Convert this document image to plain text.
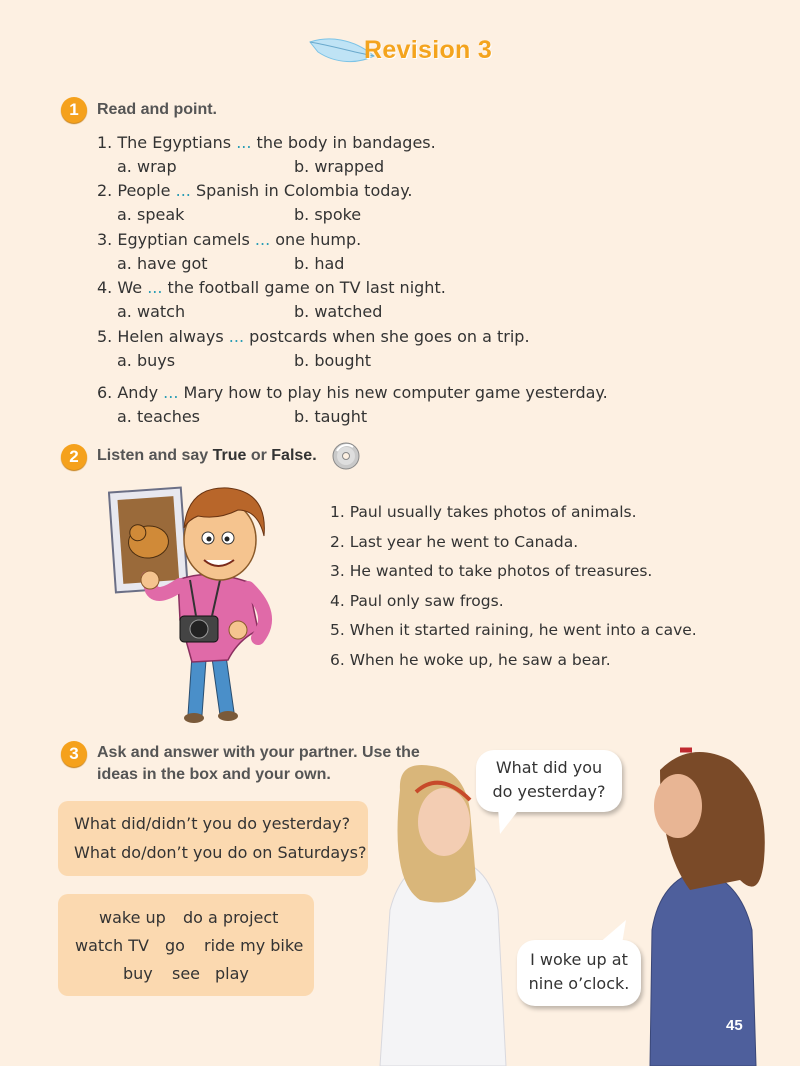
Revision 3
1	Read and point.
1. The Egyptians ... the body in bandages.
a. wrap	b. wrapped
2. People ... Spanish in Colombia today.
a. speak	b. spoke
3. Egyptian camels ... one hump.
a. have got	b. had
4. We ... the football game on TV last night.
a. watch	b. watched
5. Helen always ... postcards when she goes on a trip.
a. buys	b. bought
6. Andy ... Mary how to play his new computer game yesterday.
a. teaches	b. taught
2	Listen and say True or False.
1. Paul usually takes photos of animals.
2. Last year he went to Canada.
3. He wanted to take photos of treasures.
4. Paul only saw frogs.
5. When it started raining, he went into a cave.
6. When he woke up, he saw a bear.
3	Ask and answer with your partner. Use the
ideas in the box and your own.
What did/didn’t you do yesterday?
What do/don’t you do on Saturdays?
wake up do a project
watch TV go ride my bike
buy see play
What did you
do yesterday?
I woke up at
nine o’clock.
45
